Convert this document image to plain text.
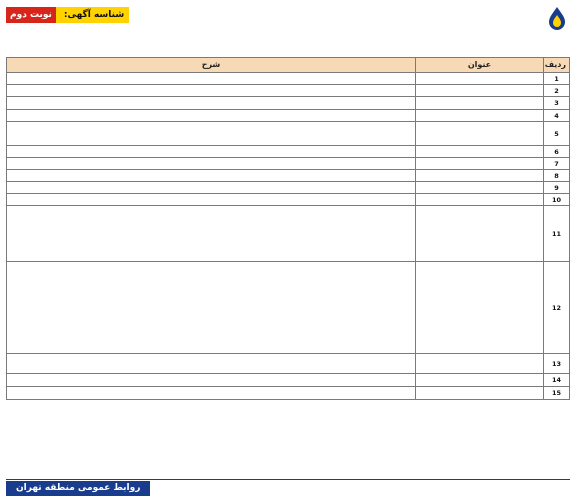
نوبت دوم	شناسه آگهی:
ردیف	عنوان	شرح
1		
2		
3		
4		
5		
6		
7		
8		
9		
10		
11		
12		
13		
14		
15		
روابط عمومی منطقه تهران
